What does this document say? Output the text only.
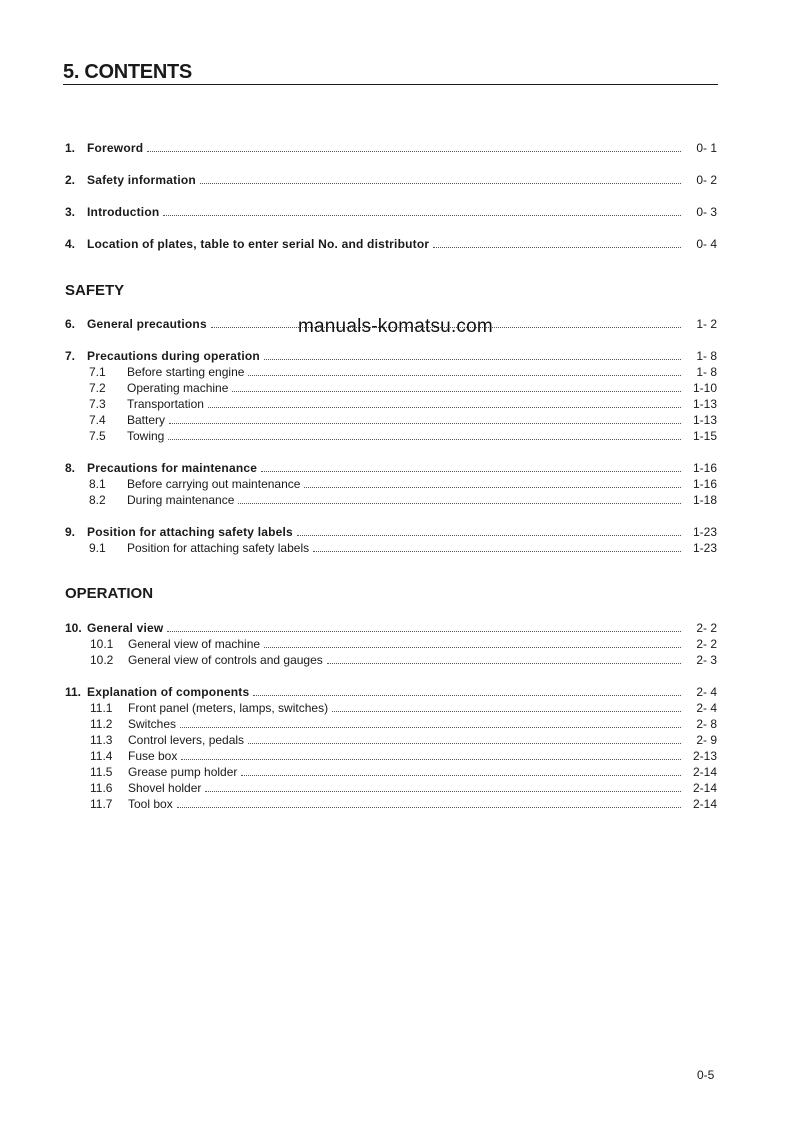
5. CONTENTS
1. Foreword	0- 1
2. Safety information	0- 2
3. Introduction	0- 3
4. Location of plates, table to enter serial No. and distributor	0- 4
SAFETY
6. General precautions	1- 2
7. Precautions during operation	1- 8
7.1	Before starting engine	1- 8
7.2	Operating machine	1-10
7.3	Transportation	1-13
7.4	Battery	1-13
7.5	Towing	1-15
8. Precautions for maintenance	1-16
8.1	Before carrying out maintenance	1-16
8.2	During maintenance	1-18
9. Position for attaching safety labels	1-23
9.1	Position for attaching safety labels	1-23
OPERATION
10. General view	2- 2
10.1	General view of machine	2- 2
10.2	General view of controls and gauges	2- 3
11. Explanation of components	2- 4
11.1	Front panel (meters, lamps, switches)	2- 4
11.2	Switches	2- 8
11.3	Control levers, pedals	2- 9
11.4	Fuse box	2-13
11.5	Grease pump holder	2-14
11.6	Shovel holder	2-14
11.7	Tool box	2-14
manuals-komatsu.com
0-5
